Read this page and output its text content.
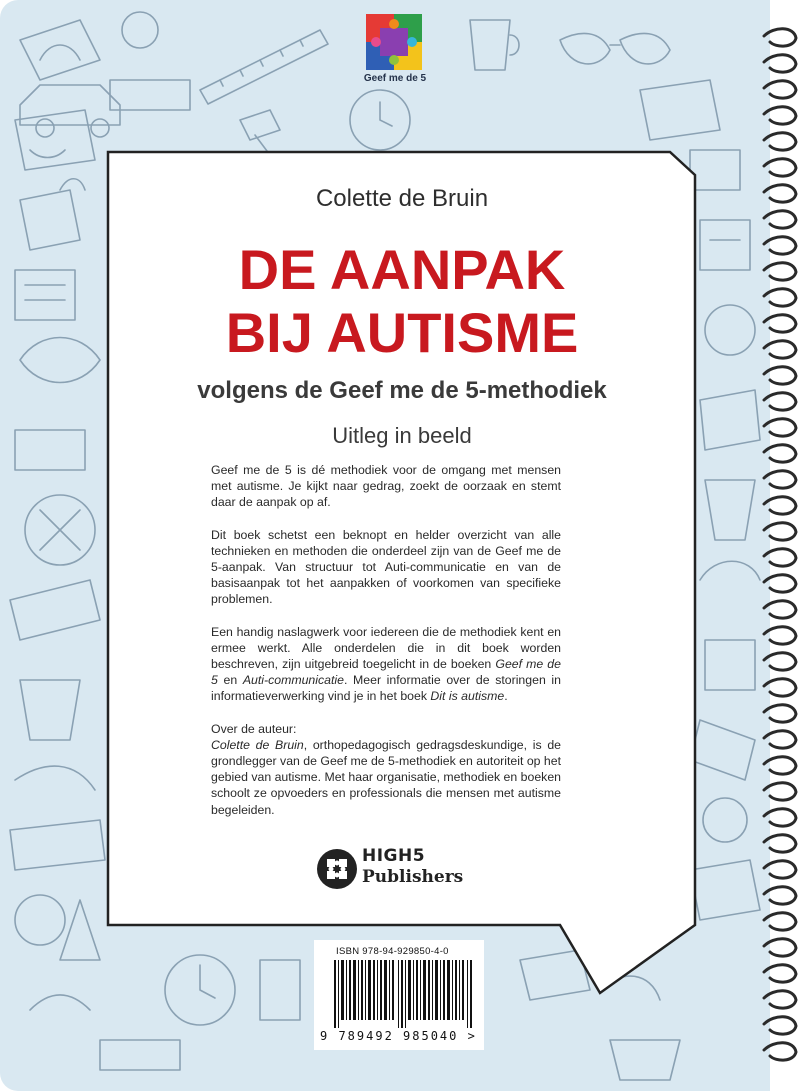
Geef me de 5
Colette de Bruin
DE AANPAK
BIJ AUTISME
volgens de Geef me de 5-methodiek
Uitleg in beeld

Geef me de 5 is dé methodiek voor de omgang met mensen met autisme. Je kijkt naar gedrag, zoekt de oorzaak en stemt daar de aanpak op af.

Dit boek schetst een beknopt en helder overzicht van alle technieken en methoden die onderdeel zijn van de Geef me de 5-aanpak. Van structuur tot Auti-communicatie en van de basisaanpak tot het aanpakken of voorkomen van specifieke problemen.

Een handig naslagwerk voor iedereen die de methodiek kent en ermee werkt. Alle onderdelen die in dit boek worden beschreven, zijn uitgebreid toegelicht in de boeken Geef me de 5 en Auti-communicatie. Meer informatie over de storingen in informatieverwerking vind je in het boek Dit is autisme.

Over de auteur:

Colette de Bruin, orthopedagogisch gedragsdeskundige, is de grondlegger van de Geef me de 5-methodiek en autoriteit op het gebied van autisme. Met haar organisatie, methodiek en boeken schoolt ze opvoeders en professionals die mensen met autisme begeleiden.

HIGH5
Publishers
ISBN 978-94-929850-4-0
9 789492 985040 >
